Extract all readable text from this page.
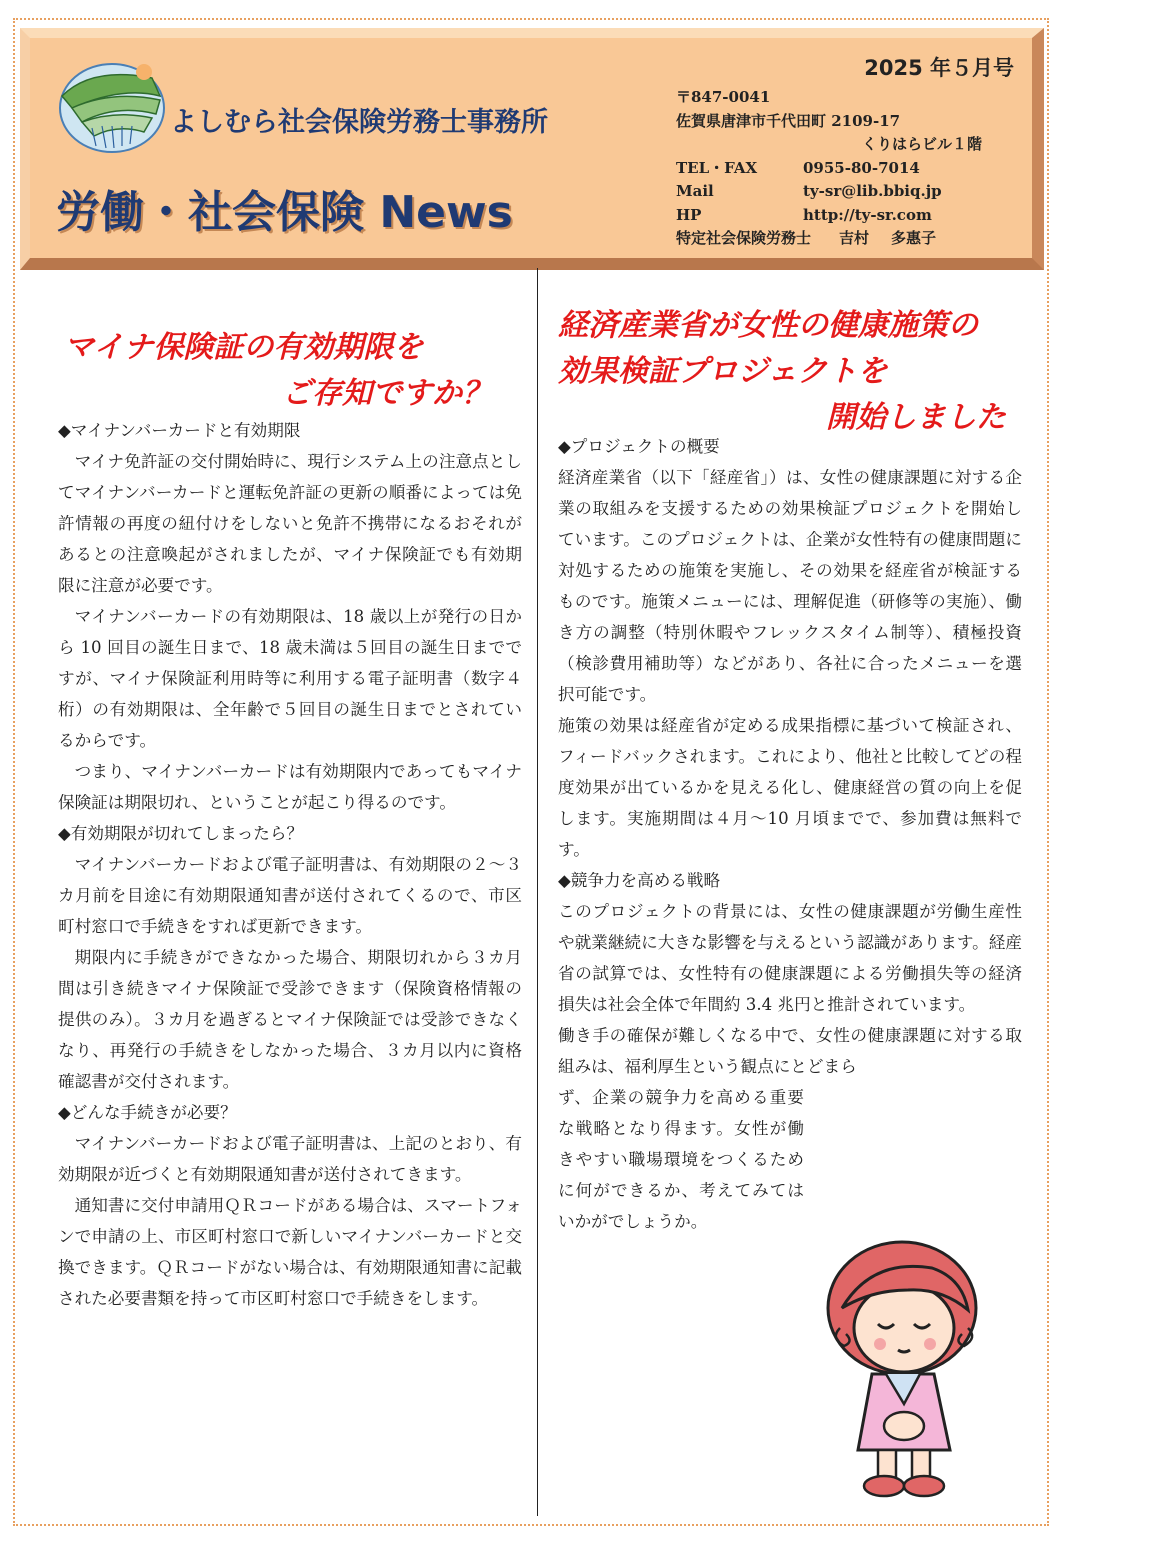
よしむら社会保険労務士事務所
労働・社会保険 News
2025 年５月号
〒847-0041
佐賀県唐津市千代田町 2109-17
くりはらビル１階
TEL・FAX	0955-80-7014
Mail	ty-sr@lib.bbiq.jp
HP	http://ty-sr.com
特定社会保険労務士 吉村 多惠子
マイナ保険証の有効期限を
ご存知ですか？

◆マイナンバーカードと有効期限

マイナ免許証の交付開始時に、現行システム上の注意点としてマイナンバーカードと運転免許証の更新の順番によっては免許情報の再度の紐付けをしないと免許不携帯になるおそれがあるとの注意喚起がされましたが、マイナ保険証でも有効期限に注意が必要です。

マイナンバーカードの有効期限は、18 歳以上が発行の日から 10 回目の誕生日まで、18 歳未満は５回目の誕生日までですが、マイナ保険証利用時等に利用する電子証明書（数字４桁）の有効期限は、全年齢で５回目の誕生日までとされているからです。

つまり、マイナンバーカードは有効期限内であってもマイナ保険証は期限切れ、ということが起こり得るのです。

◆有効期限が切れてしまったら？

マイナンバーカードおよび電子証明書は、有効期限の２～３カ月前を目途に有効期限通知書が送付されてくるので、市区町村窓口で手続きをすれば更新できます。

期限内に手続きができなかった場合、期限切れから３カ月間は引き続きマイナ保険証で受診できます（保険資格情報の提供のみ）。３カ月を過ぎるとマイナ保険証では受診できなくなり、再発行の手続きをしなかった場合、３カ月以内に資格確認書が交付されます。

◆どんな手続きが必要？

マイナンバーカードおよび電子証明書は、上記のとおり、有効期限が近づくと有効期限通知書が送付されてきます。

通知書に交付申請用ＱＲコードがある場合は、スマートフォンで申請の上、市区町村窓口で新しいマイナンバーカードと交換できます。ＱＲコードがない場合は、有効期限通知書に記載された必要書類を持って市区町村窓口で手続きをします。

経済産業省が女性の健康施策の
効果検証プロジェクトを
開始しました

◆プロジェクトの概要

経済産業省（以下「経産省」）は、女性の健康課題に対する企業の取組みを支援するための効果検証プロジェクトを開始しています。このプロジェクトは、企業が女性特有の健康問題に対処するための施策を実施し、その効果を経産省が検証するものです。施策メニューには、理解促進（研修等の実施）、働き方の調整（特別休暇やフレックスタイム制等）、積極投資（検診費用補助等）などがあり、各社に合ったメニューを選択可能です。

施策の効果は経産省が定める成果指標に基づいて検証され、フィードバックされます。これにより、他社と比較してどの程度効果が出ているかを見える化し、健康経営の質の向上を促します。実施期間は４月～10 月頃までで、参加費は無料です。

◆競争力を高める戦略

このプロジェクトの背景には、女性の健康課題が労働生産性や就業継続に大きな影響を与えるという認識があります。経産省の試算では、女性特有の健康課題による労働損失等の経済損失は社会全体で年間約 3.4 兆円と推計されています。

働き手の確保が難しくなる中で、女性の健康課題に対する取組みは、福利厚生という観点にとどまら

ず、企業の競争力を高める重要な戦略となり得ます。女性が働きやすい職場環境をつくるために何ができるか、考えてみてはいかがでしょうか。
